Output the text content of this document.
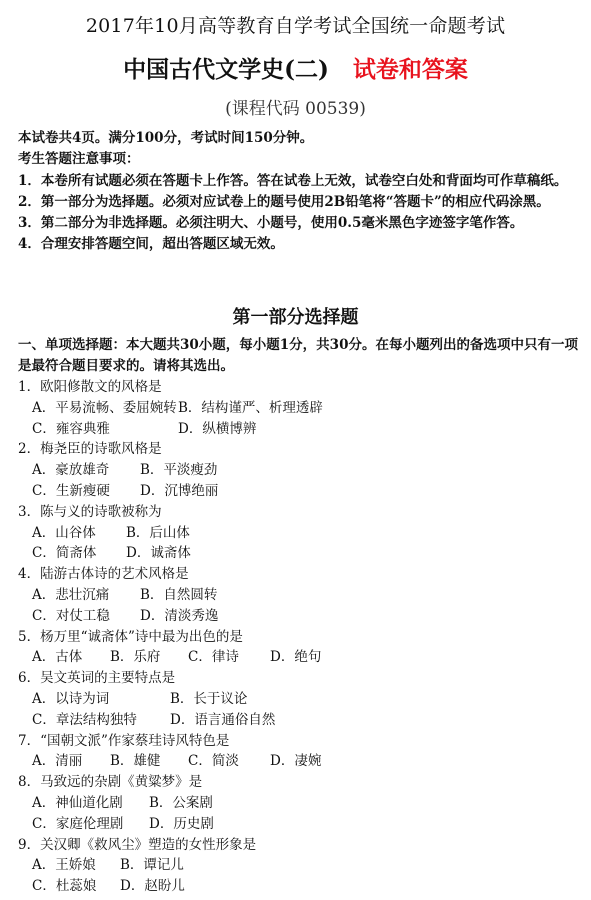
2017年10月高等教育自学考试全国统一命题考试
中国古代文学史(二) 试卷和答案
(课程代码 00539)
本试卷共4页。满分100分，考试时间150分钟。
考生答题注意事项：
1．本卷所有试题必须在答题卡上作答。答在试卷上无效，试卷空白处和背面均可作草稿纸。
2．第一部分为选择题。必须对应试卷上的题号使用2B铅笔将“答题卡”的相应代码涂黑。
3．第二部分为非选择题。必须注明大、小题号，使用0.5毫米黑色字迹签字笔作答。
4．合理安排答题空间，超出答题区域无效。
第一部分选择题
一、单项选择题：本大题共30小题，每小题1分，共30分。在每小题列出的备选项中只有一项是最符合题目要求的。请将其选出。
1．欧阳修散文的风格是
A．平易流畅、委屈婉转B．结构谨严、析理透辟
C．雍容典雅	D．纵横博辨
2．梅尧臣的诗歌风格是
A．豪放雄奇 B．平淡瘦劲
C．生新瘦硬 D．沉博绝丽
3．陈与义的诗歌被称为
A．山谷体 B．后山体
C．简斋体 D．诚斋体
4．陆游古体诗的艺术风格是
A．悲壮沉痛 B．自然圆转
C．对仗工稳 D．清淡秀逸
5．杨万里“诚斋体”诗中最为出色的是
A．古体 B．乐府 C．律诗 D．绝句
6．吴文英词的主要特点是
A．以诗为词	B．长于议论
C．章法结构独特 D．语言通俗自然
7．“国朝文派”作家蔡珪诗风特色是
A．清丽 B．雄健 C．简淡 D．凄婉
8．马致远的杂剧《黄粱梦》是
A．神仙道化剧 B．公案剧
C．家庭伦理剧 D．历史剧
9．关汉卿《救风尘》塑造的女性形象是
A．王娇娘 B．谭记儿
C．杜蕊娘 D．赵盼儿
